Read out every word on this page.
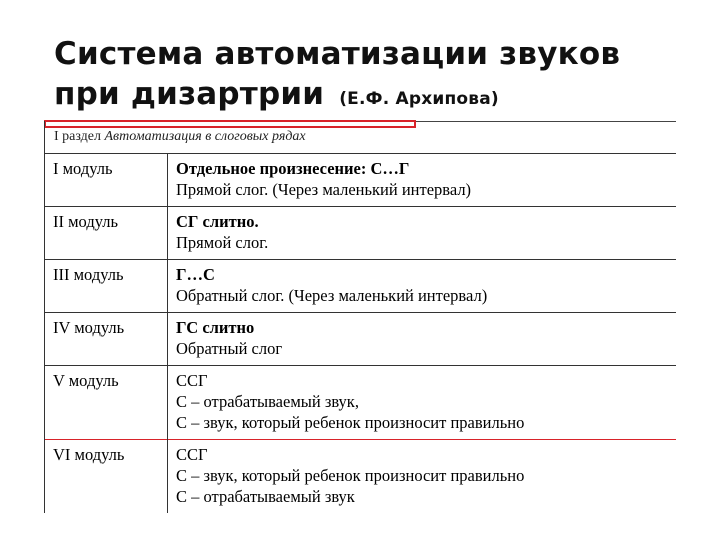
Система автоматизации звуков
при дизартрии (Е.Ф. Архипова)
I раздел Автоматизация в слоговых рядах
I модуль	Отдельное произнесение: С…Г
Прямой слог. (Через маленький интервал)

II модуль	СГ слитно.
Прямой слог.

III модуль	Г…С
Обратный слог. (Через маленький интервал)

IV модуль	ГС слитно
Обратный слог

V модуль	ССГ
С – отрабатываемый звук,
С – звук, который ребенок произносит правильно

VI модуль	ССГ
С – звук, который ребенок произносит правильно
С – отрабатываемый звук
